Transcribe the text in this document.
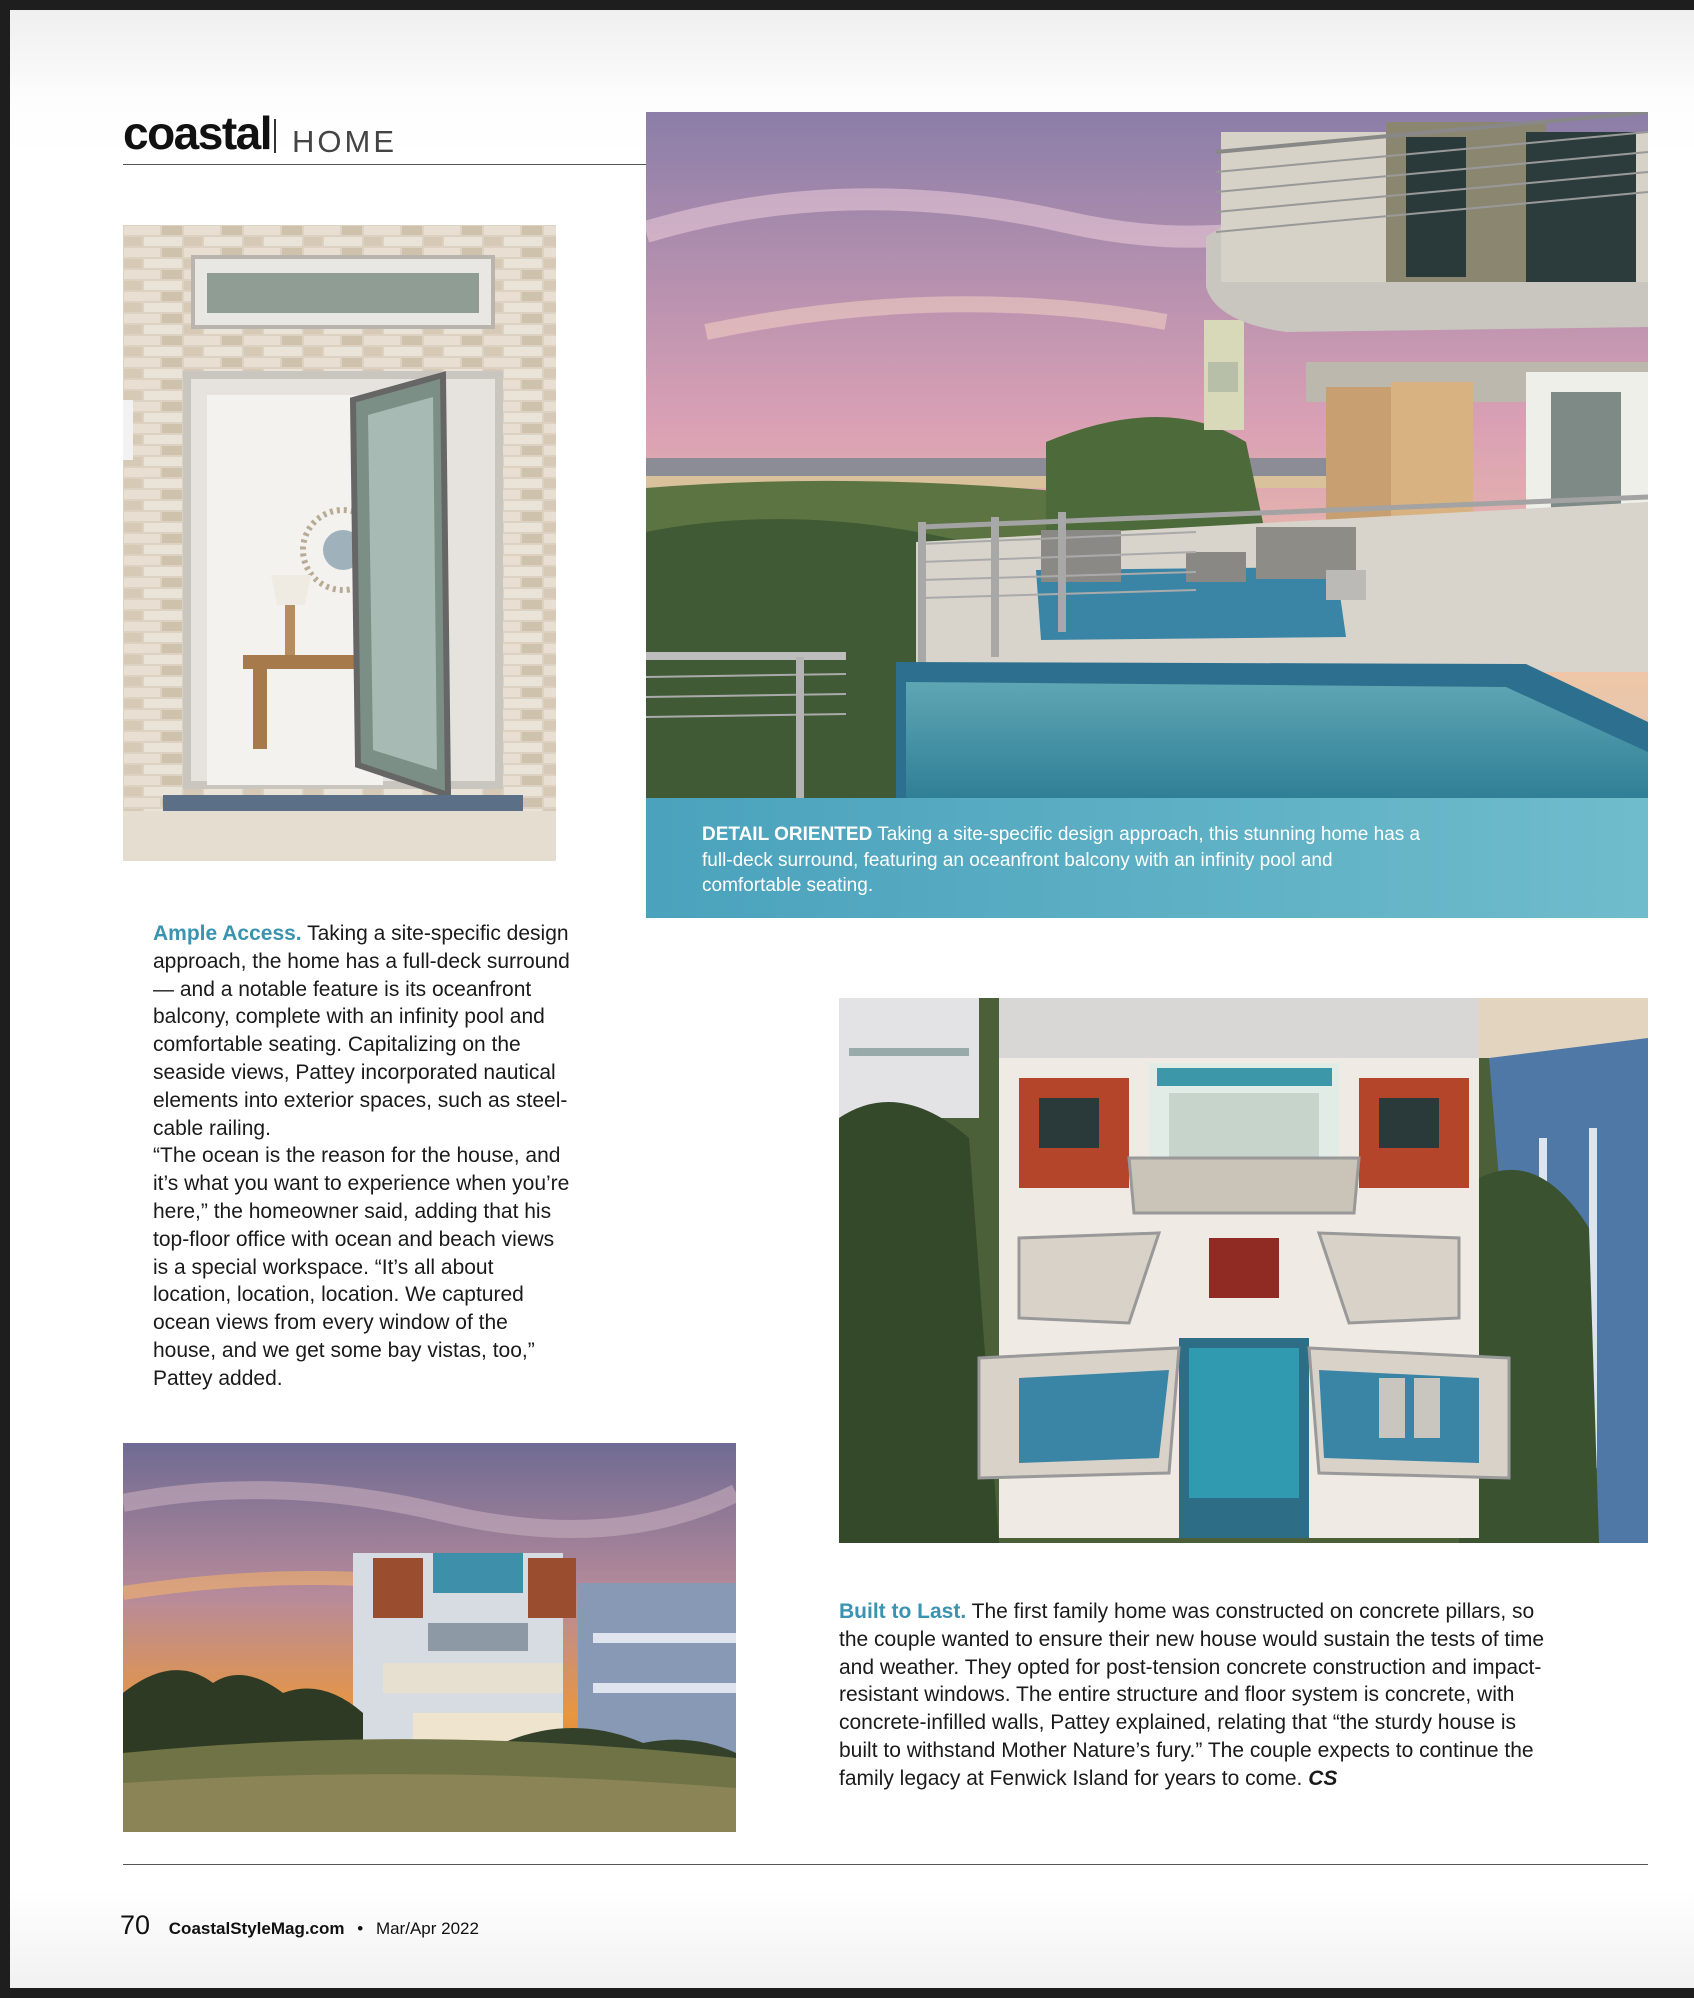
coastal HOME
DETAIL ORIENTED Taking a site-specific design approach, this stunning home has a full-deck surround, featuring an oceanfront balcony with an infinity pool and comfortable seating.

Ample Access. Taking a site-specific design approach, the home has a full-deck surround — and a notable feature is its oceanfront balcony, complete with an infinity pool and comfortable seating. Capitalizing on the seaside views, Pattey incorporated nautical elements into exterior spaces, such as steel-cable railing.

“The ocean is the reason for the house, and it’s what you want to experience when you’re here,” the homeowner said, adding that his top-floor office with ocean and beach views is a special workspace. “It’s all about location, location, location. We captured ocean views from every window of the house, and we get some bay vistas, too,” Pattey added.

Built to Last. The first family home was constructed on concrete pillars, so the couple wanted to ensure their new house would sustain the tests of time and weather. They opted for post-tension concrete construction and impact-resistant windows. The entire structure and floor system is concrete, with concrete-infilled walls, Pattey explained, relating that “the sturdy house is built to withstand Mother Nature’s fury.” The couple expects to continue the family legacy at Fenwick Island for years to come. CS

70 CoastalStyleMag.com • Mar/Apr 2022
